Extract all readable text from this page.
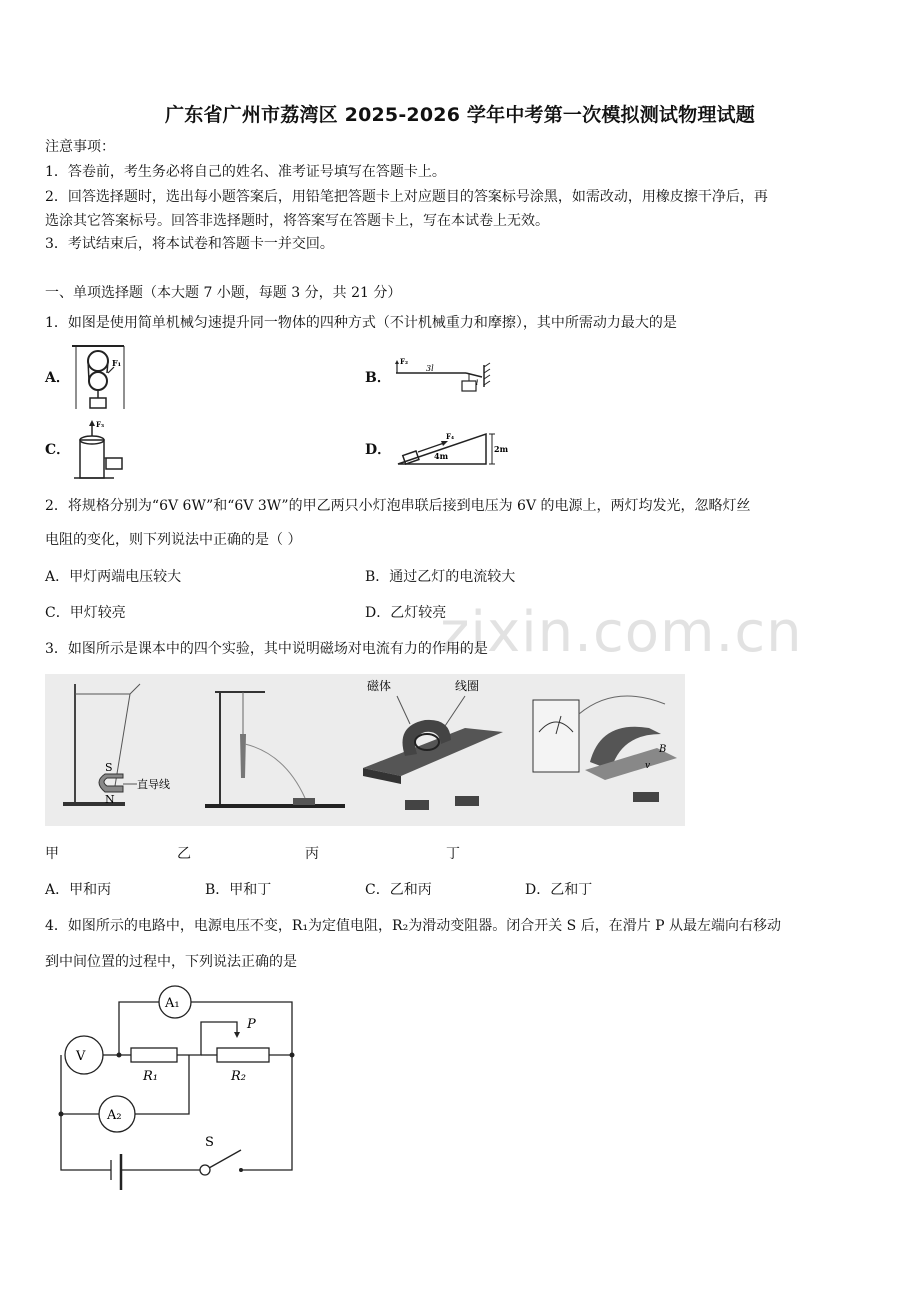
广东省广州市荔湾区 2025-2026 学年中考第一次模拟测试物理试题
注意事项：
1．答卷前，考生务必将自己的姓名、准考证号填写在答题卡上。
2．回答选择题时，选出每小题答案后，用铅笔把答题卡上对应题目的答案标号涂黑，如需改动，用橡皮擦干净后，再
选涂其它答案标号。回答非选择题时，将答案写在答题卡上，写在本试卷上无效。
3．考试结束后，将本试卷和答题卡一并交回。
一、单项选择题（本大题 7 小题，每题 3 分，共 21 分）
1．如图是使用简单机械匀速提升同一物体的四种方式（不计机械重力和摩擦），其中所需动力最大的是
A．	B．
C．	D．
F₁	F₂
3l
l
F₃
F₄
4m
2m
2．将规格分别为“6V 6W”和“6V 3W”的甲乙两只小灯泡串联后接到电压为 6V 的电源上，两灯均发光，忽略灯丝
电阻的变化，则下列说法中正确的是（ ）
A．甲灯两端电压较大	B．通过乙灯的电流较大
C．甲灯较亮	D．乙灯较亮
zixin.com.cn
3．如图所示是课本中的四个实验，其中说明磁场对电流有力的作用的是
S
N
直导线
磁体	线圈
B
v
甲	乙	丙	丁
A．甲和丙	B．甲和丁	C．乙和丙	D．乙和丁
4．如图所示的电路中，电源电压不变，R₁为定值电阻，R₂为滑动变阻器。闭合开关 S 后，在滑片 P 从最左端向右移动
到中间位置的过程中，下列说法正确的是
A₁
V
A₂
R₁	R₂
P
S
